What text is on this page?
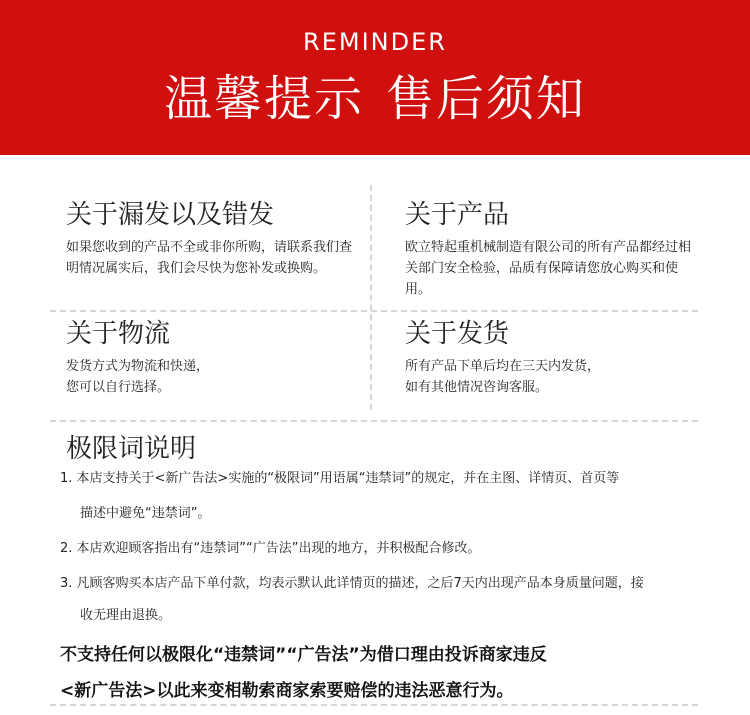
REMINDER
温馨提示 售后须知
关于漏发以及错发
如果您收到的产品不全或非你所购，请联系我们查明情况属实后，我们会尽快为您补发或换购。
关于产品
欧立特起重机械制造有限公司的所有产品都经过相关部门安全检验，品质有保障请您放心购买和使用。
关于物流
发货方式为物流和快递，
您可以自行选择。
关于发货
所有产品下单后均在三天内发货，
如有其他情况咨询客服。
极限词说明
1. 本店支持关于<新广告法>实施的“极限词”用语属“违禁词”的规定，并在主图、详情页、首页等
描述中避免“违禁词”。
2. 本店欢迎顾客指出有“违禁词”“广告法”出现的地方，并积极配合修改。
3. 凡顾客购买本店产品下单付款，均表示默认此详情页的描述，之后7天内出现产品本身质量问题，接
收无理由退换。
不支持任何以极限化“违禁词”“广告法”为借口理由投诉商家违反
<新广告法>以此来变相勒索商家索要赔偿的违法恶意行为。
